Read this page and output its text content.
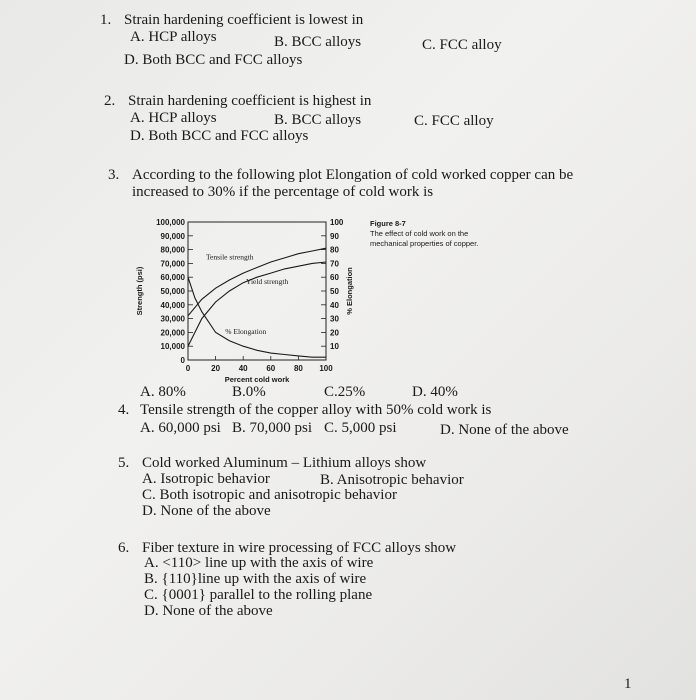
1. Strain hardening coefficient is lowest in
A. HCP alloys	B. BCC alloys	C. FCC alloy
D. Both BCC and FCC alloys
2. Strain hardening coefficient is highest in
A. HCP alloys	B. BCC alloys	C. FCC alloy
D. Both BCC and FCC alloys
3. According to the following plot Elongation of cold worked copper can be
increased to 30% if the percentage of cold work is
0
10,000
20,000
30,000
40,000
50,000
60,000
70,000
80,000
90,000
100,000
10
20
30
40
50
60
70
80
90
100
0	20 40 60 80 100
Percent cold work
Strength (psi)	% Elongation
Tensile strength
Yield strength
% Elongation
Figure 8-7
The effect of cold work on the
mechanical properties of copper.
A. 80%	B.0%	C.25%	D. 40%
4. Tensile strength of the copper alloy with 50% cold work is
A. 60,000 psi B. 70,000 psi C. 5,000 psi	D. None of the above
5. Cold worked Aluminum – Lithium alloys show
A. Isotropic behavior	B. Anisotropic behavior
C. Both isotropic and anisotropic behavior
D. None of the above
6. Fiber texture in wire processing of FCC alloys show
A. <110> line up with the axis of wire
B. {110}line up with the axis of wire
C. {0001} parallel to the rolling plane
D. None of the above
1
